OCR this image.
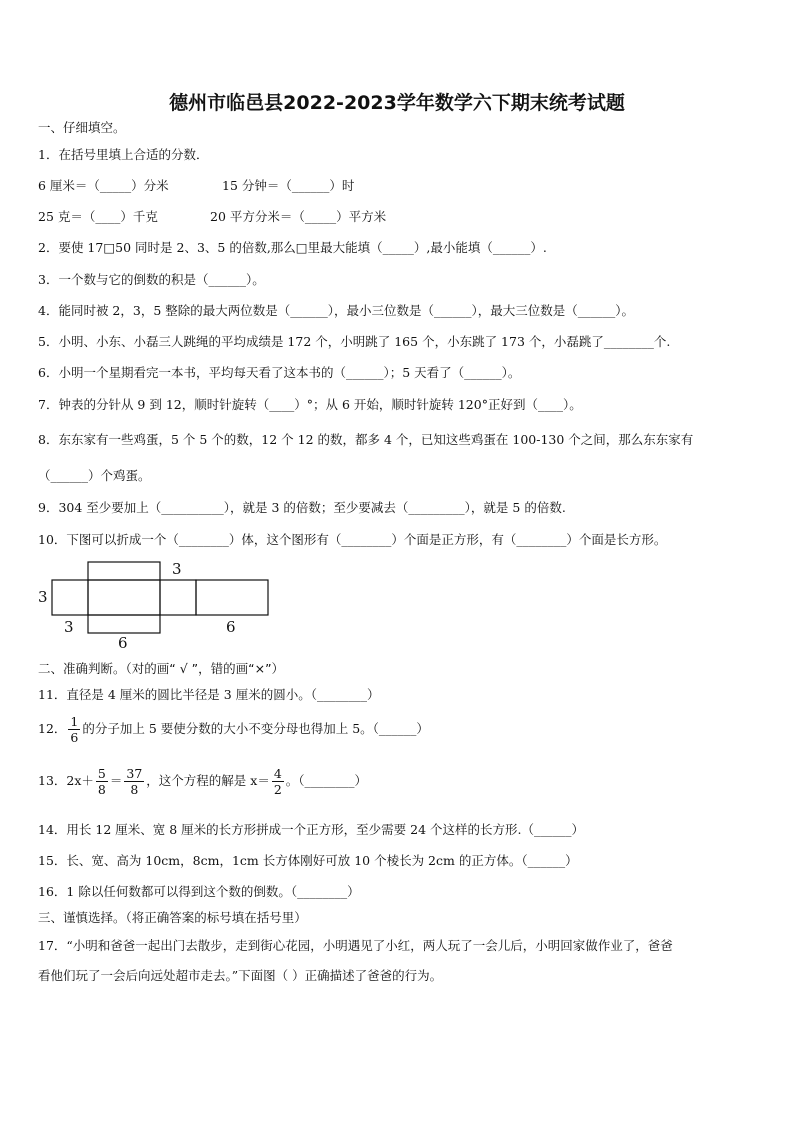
德州市临邑县2022-2023学年数学六下期末统考试题
一、仔细填空。
1．在括号里填上合适的分数．
6 厘米＝（_____）分米	15 分钟＝（______）时
25 克＝（____）千克	20 平方分米＝（_____）平方米
2．要使 17□50 同时是 2、3、5 的倍数,那么□里最大能填（_____）,最小能填（______）.
3．一个数与它的倒数的积是（______）。
4．能同时被 2，3，5 整除的最大两位数是（______），最小三位数是（______），最大三位数是（______）。
5．小明、小东、小磊三人跳绳的平均成绩是 172 个，小明跳了 165 个，小东跳了 173 个，小磊跳了________个.
6．小明一个星期看完一本书，平均每天看了这本书的（______）；5 天看了（______）。
7．钟表的分针从 9 到 12，顺时针旋转（____）°；从 6 开始，顺时针旋转 120°正好到（____）。
8．东东家有一些鸡蛋，5 个 5 个的数，12 个 12 的数，都多 4 个，已知这些鸡蛋在 100-130 个之间，那么东东家有
（______）个鸡蛋。
9．304 至少要加上（__________），就是 3 的倍数；至少要减去（_________），就是 5 的倍数.
10．下图可以折成一个（________）体，这个图形有（________）个面是正方形，有（________）个面是长方形。
3
3
3
6
6
二、准确判断。（对的画“ √ ”，错的画“×”）
11．直径是 4 厘米的圆比半径是 3 厘米的圆小。（________）
12． $\frac{1}{6}$ 的分子加上 5 要使分数的大小不变分母也得加上 5。（______）
13．$2x+ \frac{5}{8} = \frac{37}{8}$ ，这个方程的解是 $x= \frac{4}{2}$ 。（________）
14．用长 12 厘米、宽 8 厘米的长方形拼成一个正方形，至少需要 24 个这样的长方形.（______）
15．长、宽、高为 10cm，8cm，1cm 长方体刚好可放 10 个棱长为 2cm 的正方体。（______）
16．1 除以任何数都可以得到这个数的倒数。（________）
三、谨慎选择。（将正确答案的标号填在括号里）
17．“小明和爸爸一起出门去散步，走到街心花园，小明遇见了小红，两人玩了一会儿后，小明回家做作业了，爸爸
看他们玩了一会后向远处超市走去。”下面图（ ）正确描述了爸爸的行为。
